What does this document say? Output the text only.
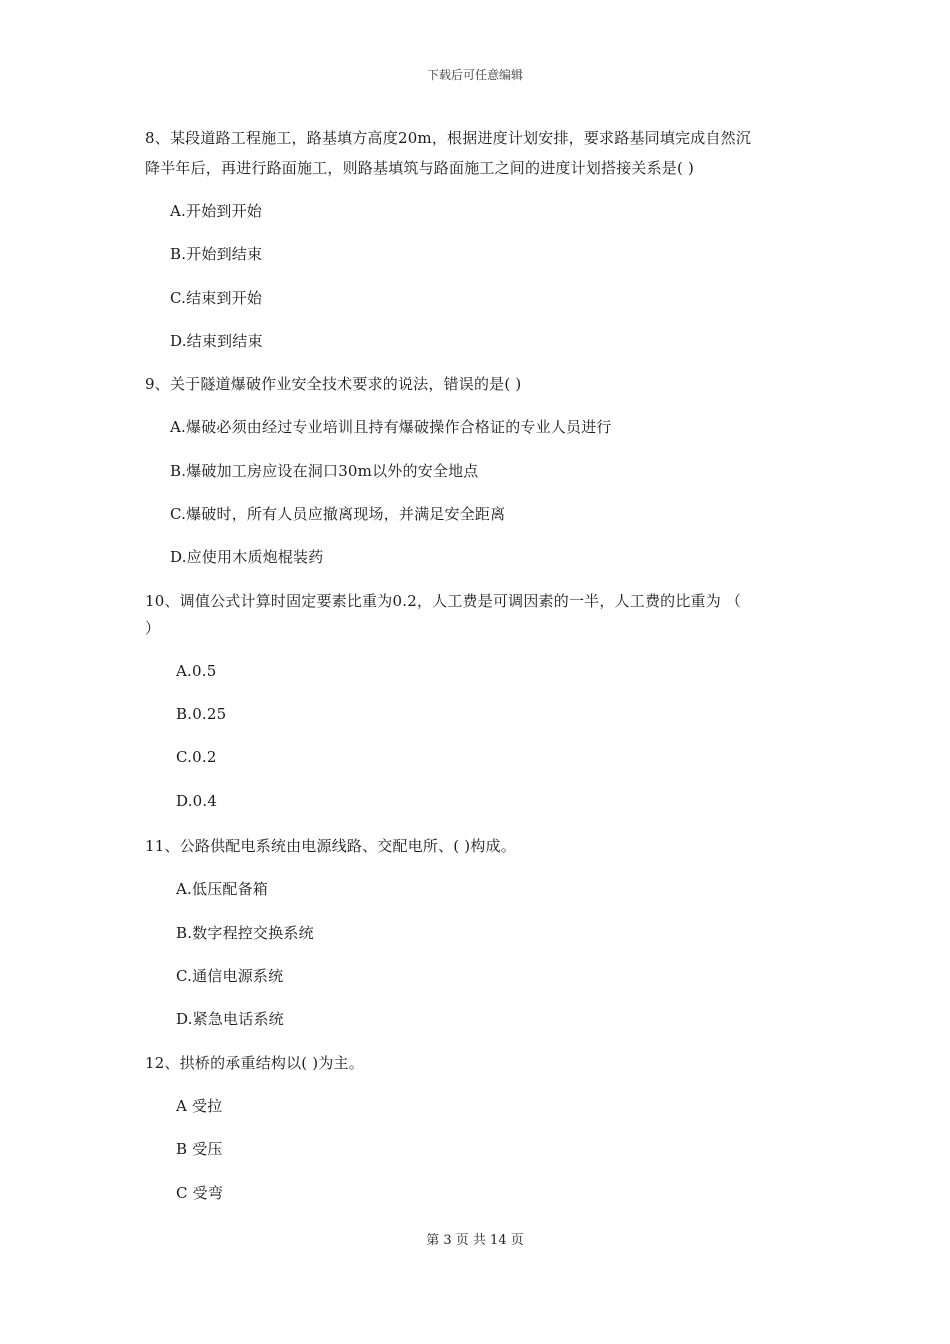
下载后可任意编辑
8、某段道路工程施工，路基填方高度20m，根据进度计划安排，要求路基同填完成自然沉
降半年后，再进行路面施工，则路基填筑与路面施工之间的进度计划搭接关系是( )
A.开始到开始
B.开始到结束
C.结束到开始
D.结束到结束
9、关于隧道爆破作业安全技术要求的说法，错误的是( )
A.爆破必须由经过专业培训且持有爆破操作合格证的专业人员进行
B.爆破加工房应设在洞口30m以外的安全地点
C.爆破时，所有人员应撤离现场，并满足安全距离
D.应使用木质炮棍装药
10、调值公式计算时固定要素比重为0.2，人工费是可调因素的一半，人工费的比重为 （
）
A.0.5
B.0.25
C.0.2
D.0.4
11、公路供配电系统由电源线路、交配电所、( )构成。
A.低压配备箱
B.数字程控交换系统
C.通信电源系统
D.紧急电话系统
12、拱桥的承重结构以( )为主。
A 受拉
B 受压
C 受弯
第 3 页 共 14 页
